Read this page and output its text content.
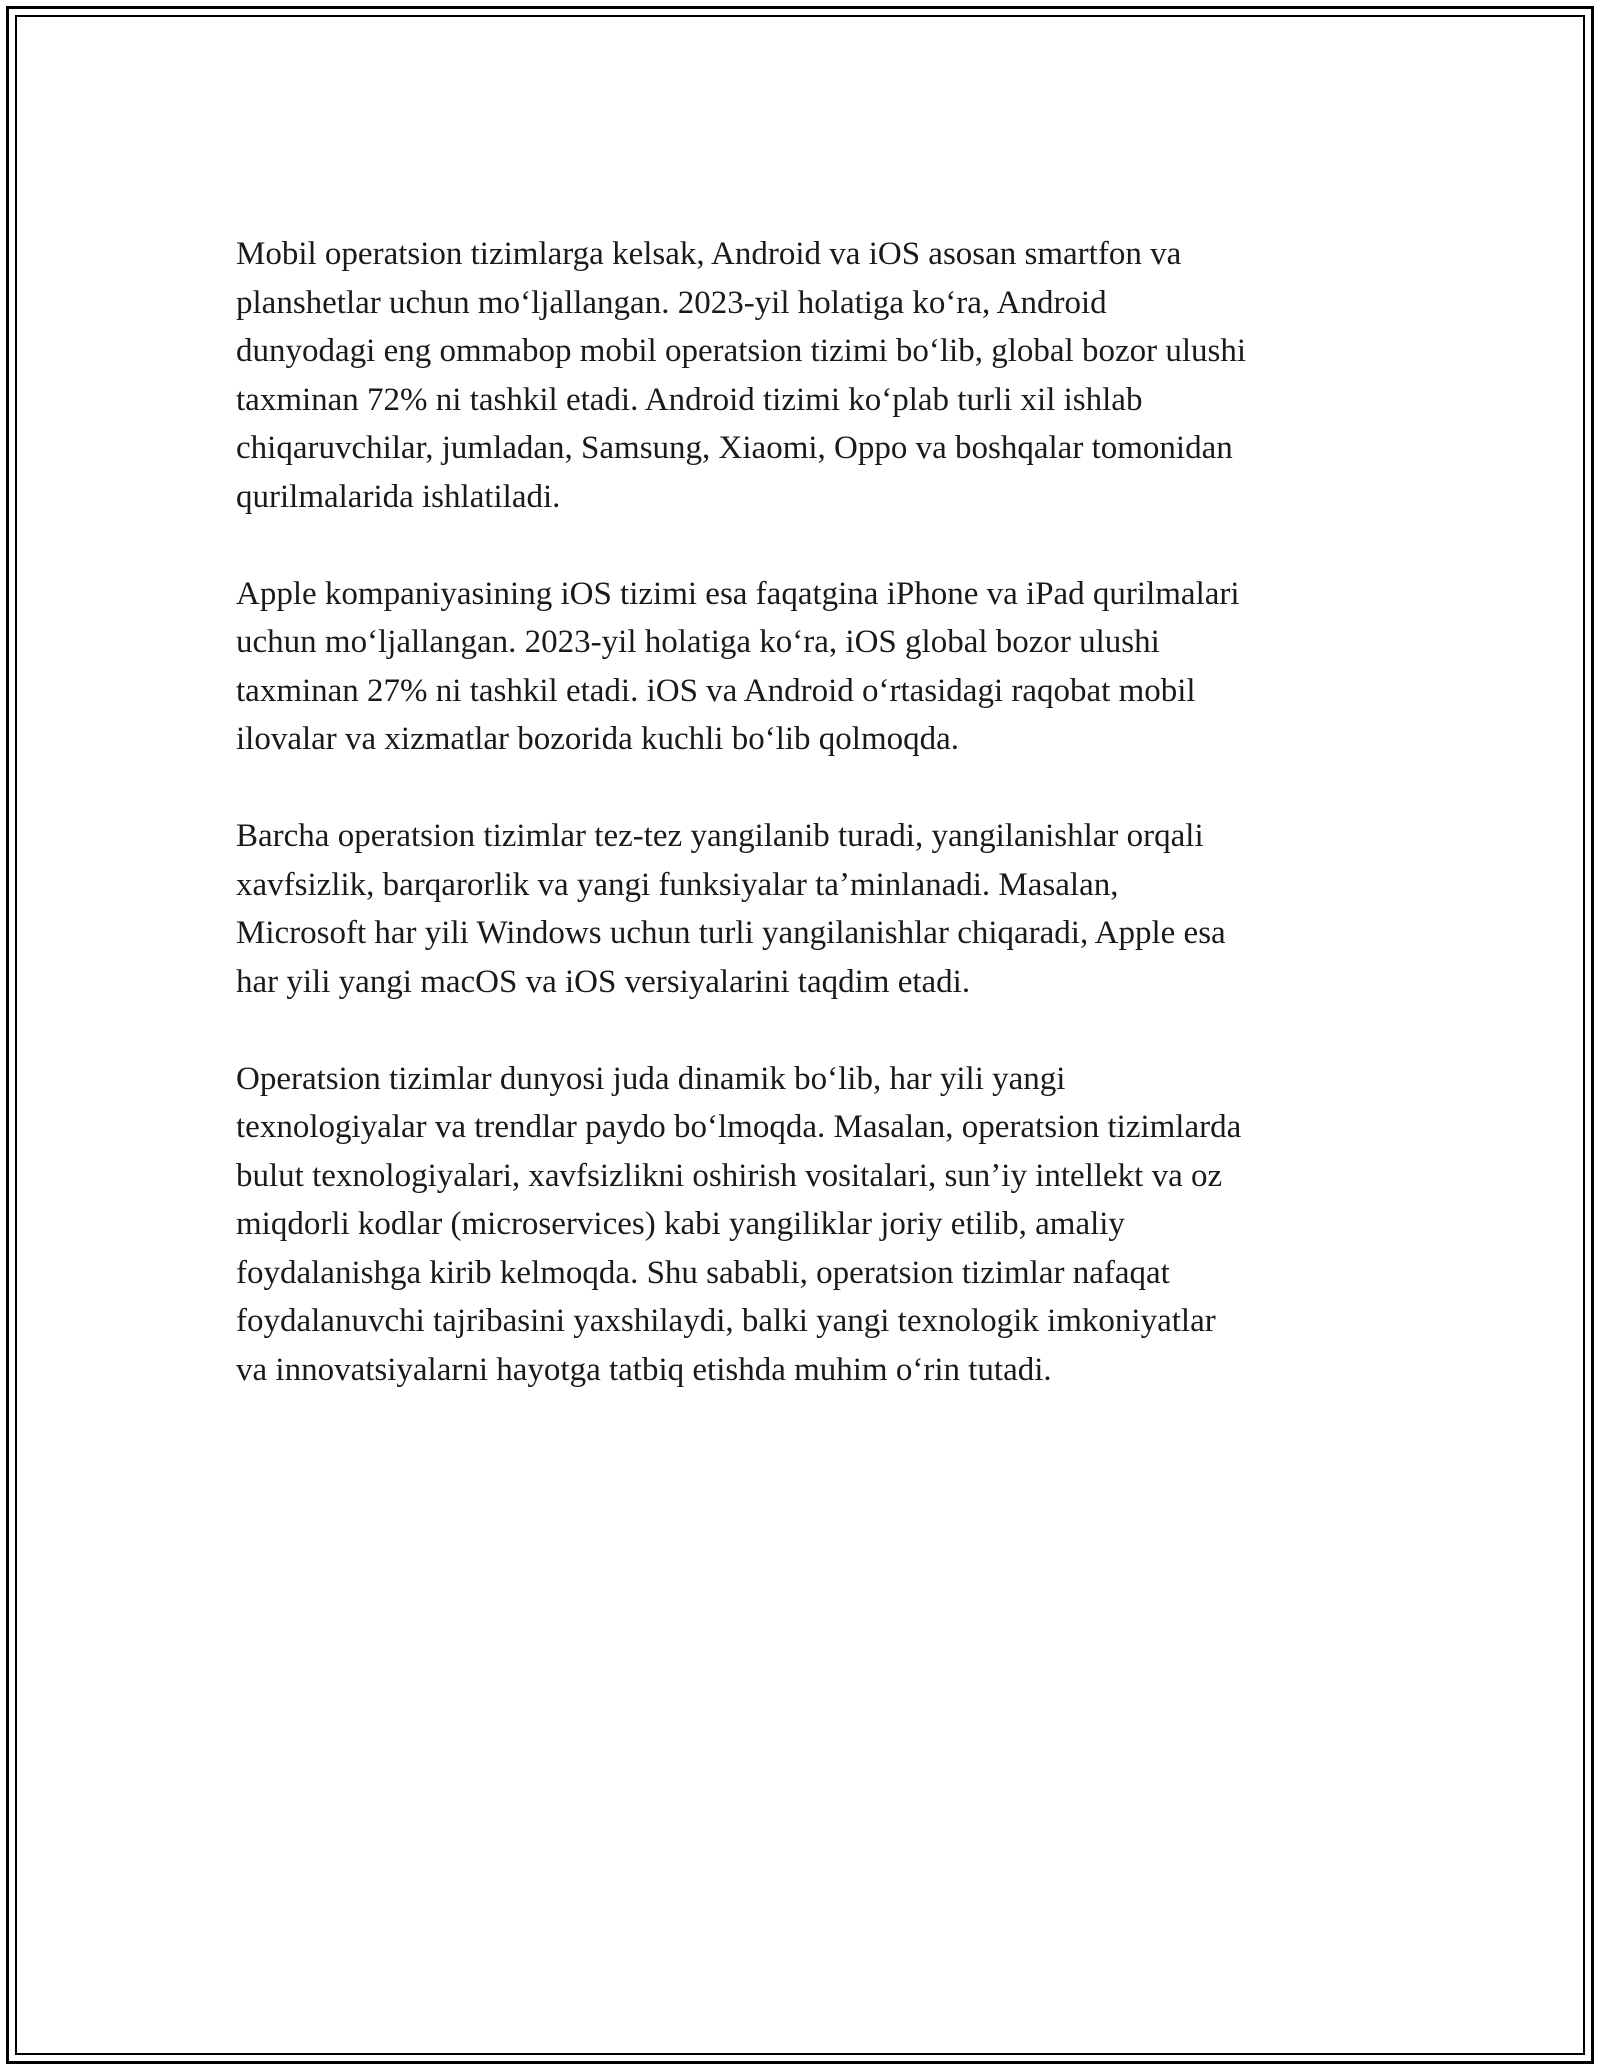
Mobil operatsion tizimlarga kelsak, Android va iOS asosan smartfon va
planshetlar uchun moʻljallangan. 2023-yil holatiga koʻra, Android
dunyodagi eng ommabop mobil operatsion tizimi boʻlib, global bozor ulushi
taxminan 72% ni tashkil etadi. Android tizimi koʻplab turli xil ishlab
chiqaruvchilar, jumladan, Samsung, Xiaomi, Oppo va boshqalar tomonidan
qurilmalarida ishlatiladi.

Apple kompaniyasining iOS tizimi esa faqatgina iPhone va iPad qurilmalari
uchun moʻljallangan. 2023-yil holatiga koʻra, iOS global bozor ulushi
taxminan 27% ni tashkil etadi. iOS va Android oʻrtasidagi raqobat mobil
ilovalar va xizmatlar bozorida kuchli boʻlib qolmoqda.

Barcha operatsion tizimlar tez-tez yangilanib turadi, yangilanishlar orqali
xavfsizlik, barqarorlik va yangi funksiyalar taʼminlanadi. Masalan,
Microsoft har yili Windows uchun turli yangilanishlar chiqaradi, Apple esa
har yili yangi macOS va iOS versiyalarini taqdim etadi.

Operatsion tizimlar dunyosi juda dinamik boʻlib, har yili yangi
texnologiyalar va trendlar paydo boʻlmoqda. Masalan, operatsion tizimlarda
bulut texnologiyalari, xavfsizlikni oshirish vositalari, sunʼiy intellekt va oz
miqdorli kodlar (microservices) kabi yangiliklar joriy etilib, amaliy
foydalanishga kirib kelmoqda. Shu sababli, operatsion tizimlar nafaqat
foydalanuvchi tajribasini yaxshilaydi, balki yangi texnologik imkoniyatlar
va innovatsiyalarni hayotga tatbiq etishda muhim oʻrin tutadi.
